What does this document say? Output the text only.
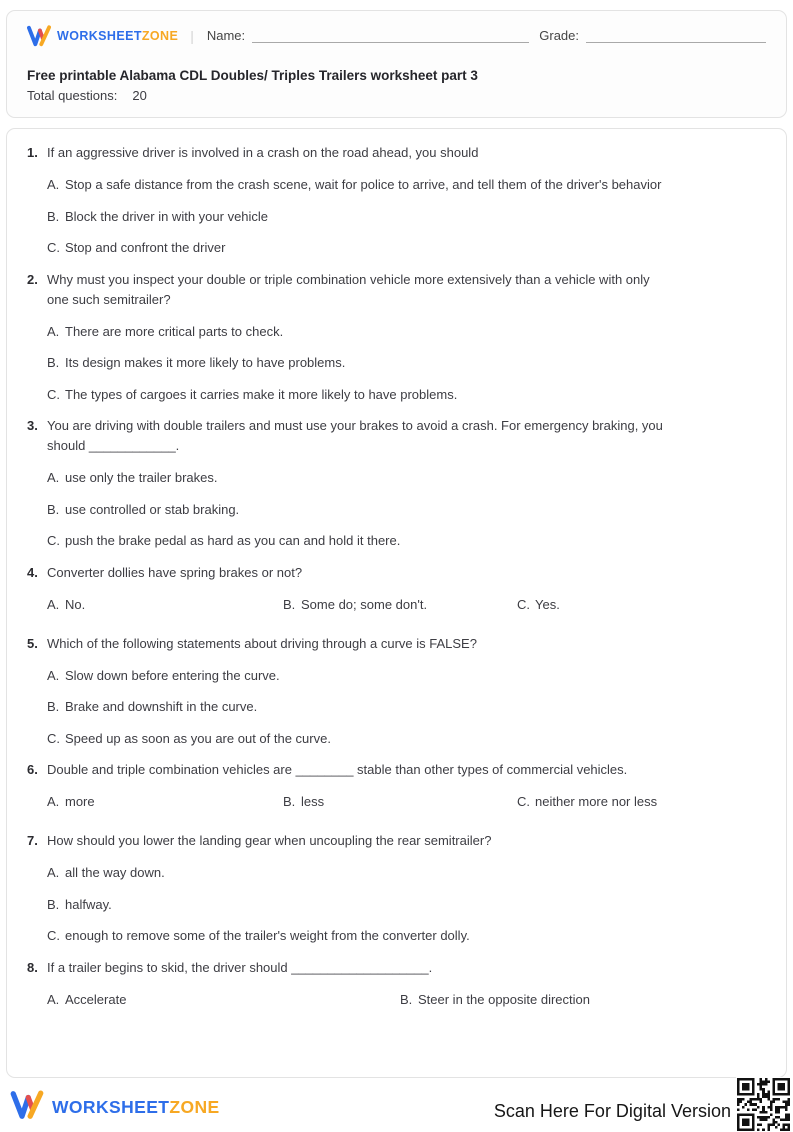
WORKSHEETZONE | Name:	Grade:
Free printable Alabama CDL Doubles/ Triples Trailers worksheet part 3
Total questions: 20
1. If an aggressive driver is involved in a crash on the road ahead, you should
A. Stop a safe distance from the crash scene, wait for police to arrive, and tell them of the driver's behavior
B. Block the driver in with your vehicle
C. Stop and confront the driver
2. Why must you inspect your double or triple combination vehicle more extensively than a vehicle with only
one such semitrailer?
A. There are more critical parts to check.
B. Its design makes it more likely to have problems.
C. The types of cargoes it carries make it more likely to have problems.
3. You are driving with double trailers and must use your brakes to avoid a crash. For emergency braking, you
should ____________.
A. use only the trailer brakes.
B. use controlled or stab braking.
C. push the brake pedal as hard as you can and hold it there.
4. Converter dollies have spring brakes or not?
A. No.	B. Some do; some don't.	C. Yes.
5. Which of the following statements about driving through a curve is FALSE?
A. Slow down before entering the curve.
B. Brake and downshift in the curve.
C. Speed up as soon as you are out of the curve.
6. Double and triple combination vehicles are ________ stable than other types of commercial vehicles.
A. more	B. less	C. neither more nor less
7. How should you lower the landing gear when uncoupling the rear semitrailer?
A. all the way down.
B. halfway.
C. enough to remove some of the trailer's weight from the converter dolly.
8. If a trailer begins to skid, the driver should ___________________.
A. Accelerate	B. Steer in the opposite direction
WORKSHEETZONE	Scan Here For Digital Version
